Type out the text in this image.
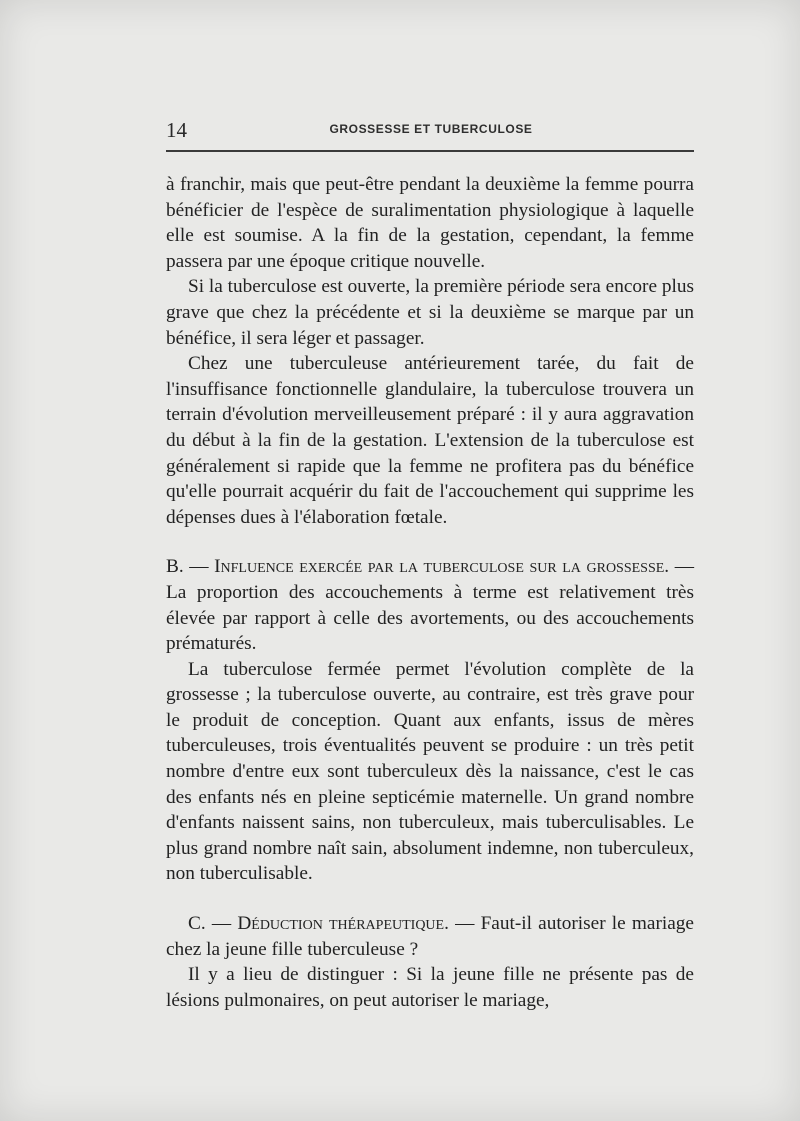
14	GROSSESSE ET TUBERCULOSE

à franchir, mais que peut-être pendant la deuxième la femme pourra bénéficier de l'espèce de suralimentation physiologique à laquelle elle est soumise. A la fin de la gestation, cependant, la femme passera par une époque critique nouvelle.

Si la tuberculose est ouverte, la première période sera encore plus grave que chez la précédente et si la deuxième se marque par un bénéfice, il sera léger et passager.

Chez une tuberculeuse antérieurement tarée, du fait de l'insuffisance fonctionnelle glandulaire, la tuberculose trouvera un terrain d'évolution merveilleusement préparé : il y aura aggravation du début à la fin de la gestation. L'extension de la tuberculose est généralement si rapide que la femme ne profitera pas du bénéfice qu'elle pourrait acquérir du fait de l'accouchement qui supprime les dépenses dues à l'élaboration fœtale.

B. — Influence exercée par la tuberculose sur la grossesse. — La proportion des accouchements à terme est relativement très élevée par rapport à celle des avortements, ou des accouchements prématurés.

La tuberculose fermée permet l'évolution complète de la grossesse ; la tuberculose ouverte, au contraire, est très grave pour le produit de conception. Quant aux enfants, issus de mères tuberculeuses, trois éventualités peuvent se produire : un très petit nombre d'entre eux sont tuberculeux dès la naissance, c'est le cas des enfants nés en pleine septicémie maternelle. Un grand nombre d'enfants naissent sains, non tuberculeux, mais tuberculisables. Le plus grand nombre naît sain, absolument indemne, non tuberculeux, non tuberculisable.

C. — Déduction thérapeutique. — Faut-il autoriser le mariage chez la jeune fille tuberculeuse ?

Il y a lieu de distinguer : Si la jeune fille ne présente pas de lésions pulmonaires, on peut autoriser le mariage,
